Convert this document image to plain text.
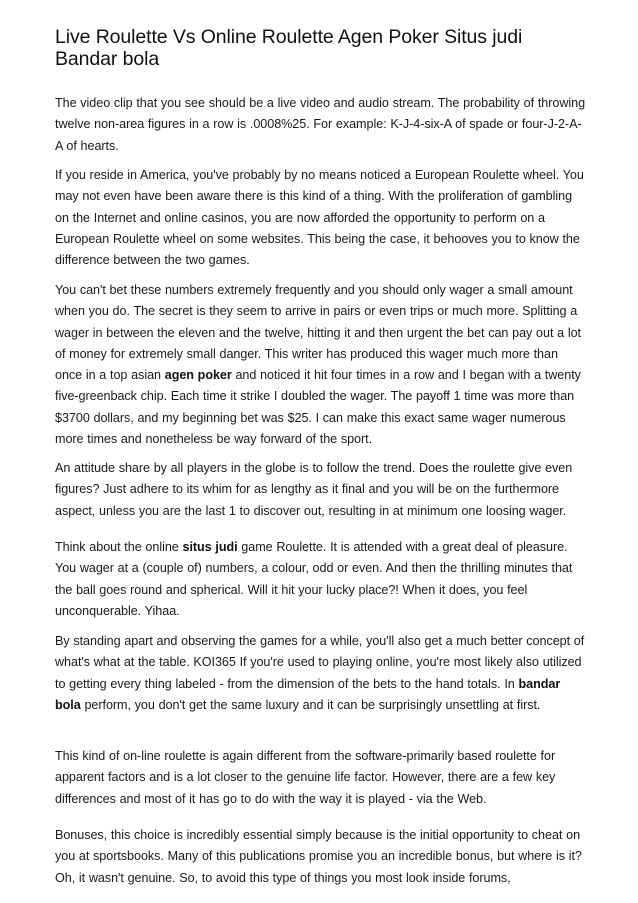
Live Roulette Vs Online Roulette Agen Poker Situs judi Bandar bola

The video clip that you see should be a live video and audio stream. The probability of throwing twelve non-area figures in a row is .0008%25. For example: K-J-4-six-A of spade or four-J-2-A-A of hearts.

If you reside in America, you've probably by no means noticed a European Roulette wheel. You may not even have been aware there is this kind of a thing. With the proliferation of gambling on the Internet and online casinos, you are now afforded the opportunity to perform on a European Roulette wheel on some websites. This being the case, it behooves you to know the difference between the two games.

You can't bet these numbers extremely frequently and you should only wager a small amount when you do. The secret is they seem to arrive in pairs or even trips or much more. Splitting a wager in between the eleven and the twelve, hitting it and then urgent the bet can pay out a lot of money for extremely small danger. This writer has produced this wager much more than once in a top asian agen poker and noticed it hit four times in a row and I began with a twenty five-greenback chip. Each time it strike I doubled the wager. The payoff 1 time was more than $3700 dollars, and my beginning bet was $25. I can make this exact same wager numerous more times and nonetheless be way forward of the sport.

An attitude share by all players in the globe is to follow the trend. Does the roulette give even figures? Just adhere to its whim for as lengthy as it final and you will be on the furthermore aspect, unless you are the last 1 to discover out, resulting in at minimum one loosing wager.

Think about the online situs judi game Roulette. It is attended with a great deal of pleasure. You wager at a (couple of) numbers, a colour, odd or even. And then the thrilling minutes that the ball goes round and spherical. Will it hit your lucky place?! When it does, you feel unconquerable. Yihaa.

By standing apart and observing the games for a while, you'll also get a much better concept of what's what at the table. KOI365 If you're used to playing online, you're most likely also utilized to getting every thing labeled - from the dimension of the bets to the hand totals. In bandar bola perform, you don't get the same luxury and it can be surprisingly unsettling at first.

This kind of on-line roulette is again different from the software-primarily based roulette for apparent factors and is a lot closer to the genuine life factor. However, there are a few key differences and most of it has go to do with the way it is played - via the Web.

Bonuses, this choice is incredibly essential simply because is the initial opportunity to cheat on you at sportsbooks. Many of this publications promise you an incredible bonus, but where is it? Oh, it wasn't genuine. So, to avoid this type of things you most look inside forums,
